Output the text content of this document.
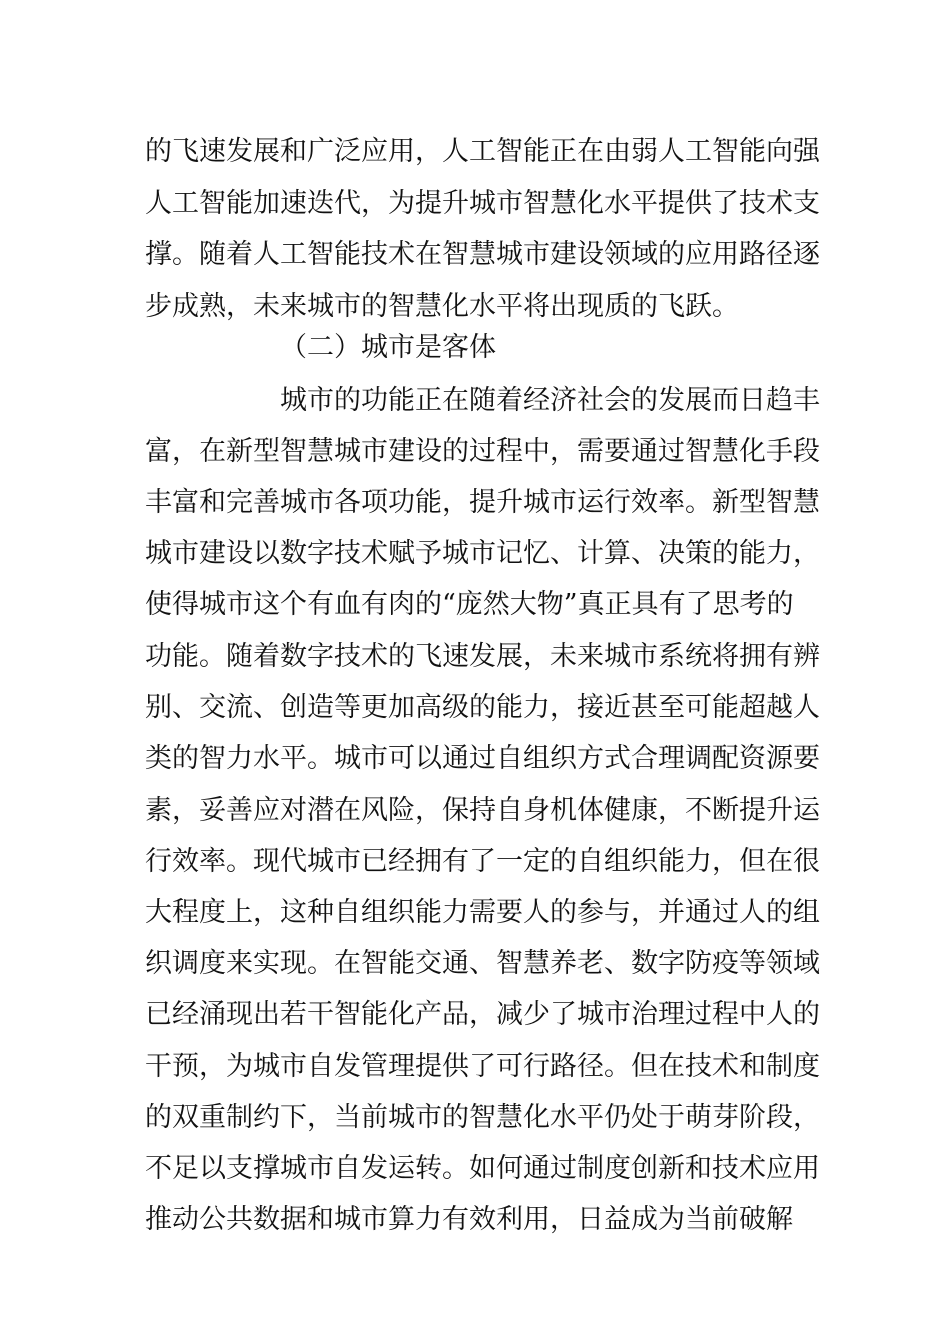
的飞速发展和广泛应用，人工智能正在由弱人工智能向强
人工智能加速迭代，为提升城市智慧化水平提供了技术支
撑。随着人工智能技术在智慧城市建设领域的应用路径逐
步成熟，未来城市的智慧化水平将出现质的飞跃。
（二）城市是客体
城市的功能正在随着经济社会的发展而日趋丰
富，在新型智慧城市建设的过程中，需要通过智慧化手段
丰富和完善城市各项功能，提升城市运行效率。新型智慧
城市建设以数字技术赋予城市记忆、计算、决策的能力，
使得城市这个有血有肉的“庞然大物”真正具有了思考的
功能。随着数字技术的飞速发展，未来城市系统将拥有辨
别、交流、创造等更加高级的能力，接近甚至可能超越人
类的智力水平。城市可以通过自组织方式合理调配资源要
素，妥善应对潜在风险，保持自身机体健康，不断提升运
行效率。现代城市已经拥有了一定的自组织能力，但在很
大程度上，这种自组织能力需要人的参与，并通过人的组
织调度来实现。在智能交通、智慧养老、数字防疫等领域
已经涌现出若干智能化产品，减少了城市治理过程中人的
干预，为城市自发管理提供了可行路径。但在技术和制度
的双重制约下，当前城市的智慧化水平仍处于萌芽阶段，
不足以支撑城市自发运转。如何通过制度创新和技术应用
推动公共数据和城市算力有效利用，日益成为当前破解
